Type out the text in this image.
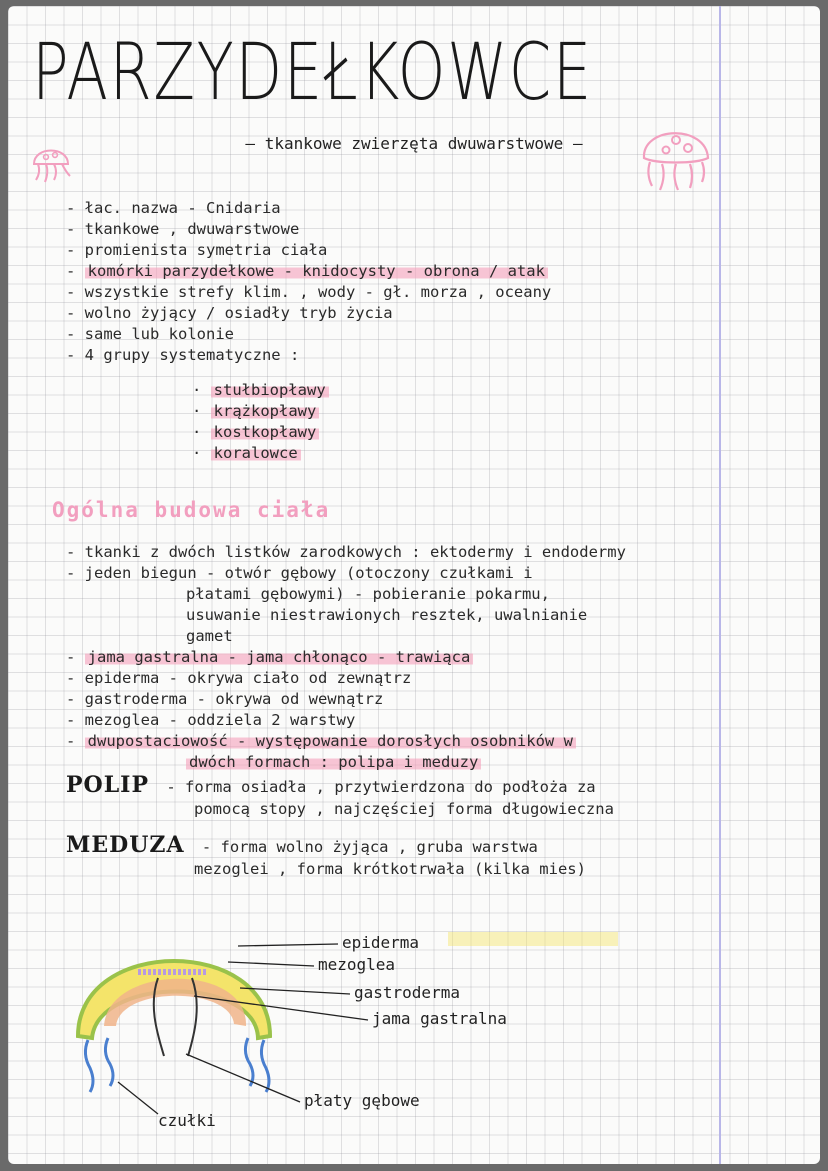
PARZYDEŁKOWCE
— tkankowe zwierzęta dwuwarstwowe —
- łac. nazwa - Cnidaria
- tkankowe , dwuwarstwowe
- promienista symetria ciała
- komórki parzydełkowe - knidocysty - obrona / atak
- wszystkie strefy klim. , wody - gł. morza , oceany
- wolno żyjący / osiadły tryb życia
- same lub kolonie
- 4 grupy systematyczne :
· stułbiopławy
· krążkopławy
· kostkopławy
· koralowce
Ogólna budowa ciała
- tkanki z dwóch listków zarodkowych : ektodermy i endodermy
- jeden biegun - otwór gębowy (otoczony czułkami i
płatami gębowymi) - pobieranie pokarmu,
usuwanie niestrawionych resztek, uwalnianie
gamet
- jama gastralna - jama chłonąco - trawiąca
- epiderma - okrywa ciało od zewnątrz
- gastroderma - okrywa od wewnątrz
- mezoglea - oddziela 2 warstwy
- dwupostaciowość - występowanie dorosłych osobników w
dwóch formach : polipa i meduzy
POLIP - forma osiadła , przytwierdzona do podłoża za
pomocą stopy , najczęściej forma długowieczna
MEDUZA - forma wolno żyjąca , gruba warstwa
mezoglei , forma krótkotrwała (kilka mies)
epiderma
mezoglea
gastroderma
jama gastralna
płaty gębowe
czułki
